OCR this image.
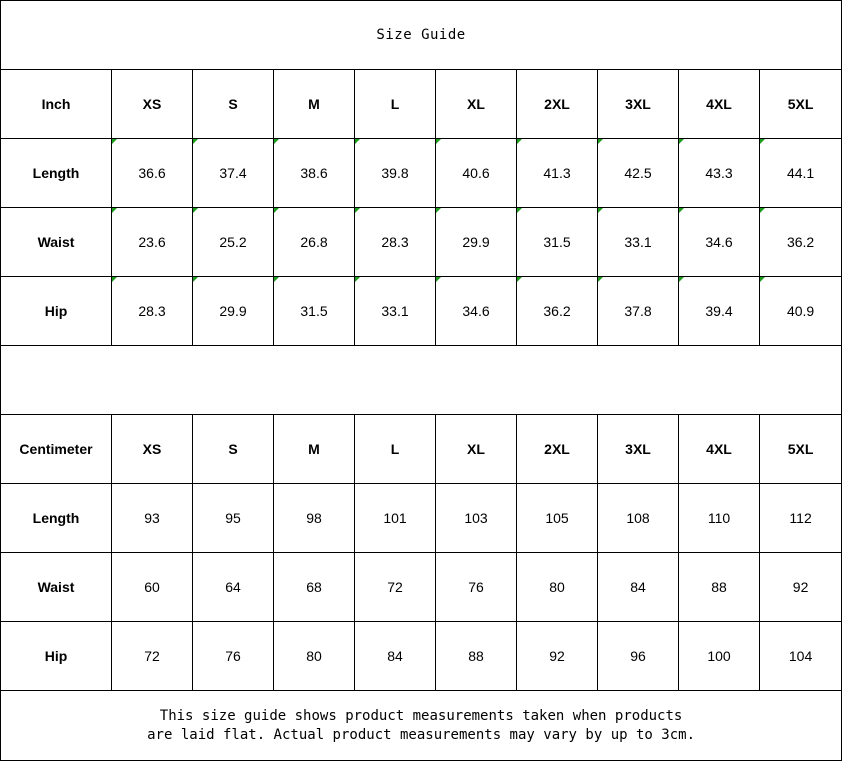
Size Guide									
Inch	XS	S	M	L	XL	2XL	3XL	4XL	5XL
Length	36.6	37.4	38.6	39.8	40.6	41.3	42.5	43.3	44.1
Waist	23.6	25.2	26.8	28.3	29.9	31.5	33.1	34.6	36.2
Hip	28.3	29.9	31.5	33.1	34.6	36.2	37.8	39.4	40.9

Centimeter	XS	S	M	L	XL	2XL	3XL	4XL	5XL
Length	93	95	98	101	103	105	108	110	112
Waist	60	64	68	72	76	80	84	88	92
Hip	72	76	80	84	88	92	96	100	104

This size guide shows product measurements taken when products
are laid flat. Actual product measurements may vary by up to 3cm.									
